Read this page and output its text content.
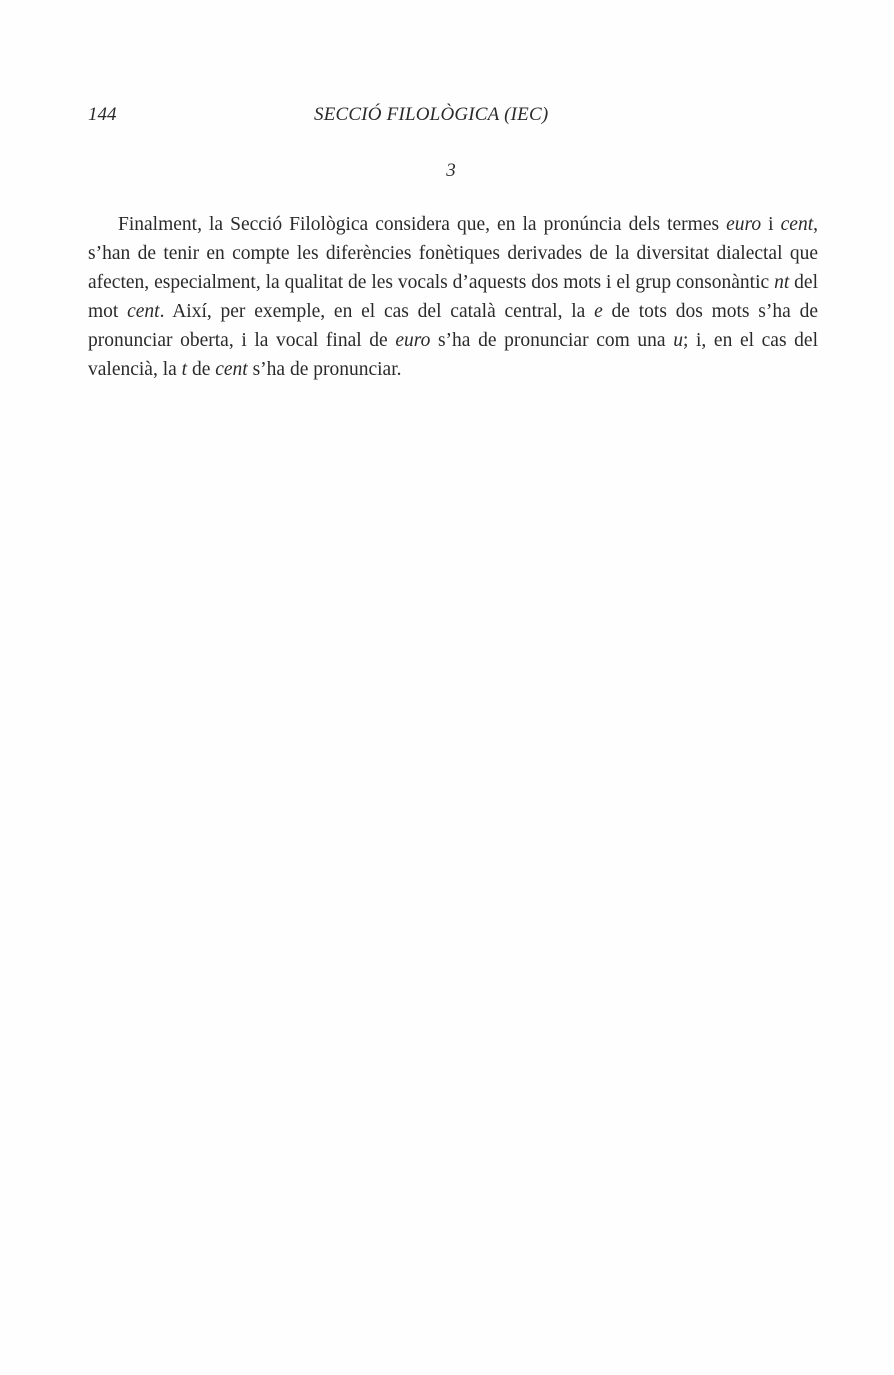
144	SECCIÓ FILOLÒGICA (IEC)
3

Finalment, la Secció Filològica considera que, en la pronúncia dels termes euro i cent, s’han de tenir en compte les diferències fonètiques derivades de la diversitat dialectal que afecten, especialment, la qualitat de les vocals d’aquests dos mots i el grup consonàntic nt del mot cent. Així, per exemple, en el cas del català central, la e de tots dos mots s’ha de pronunciar oberta, i la vocal final de euro s’ha de pronunciar com una u; i, en el cas del valencià, la t de cent s’ha de pronunciar.
